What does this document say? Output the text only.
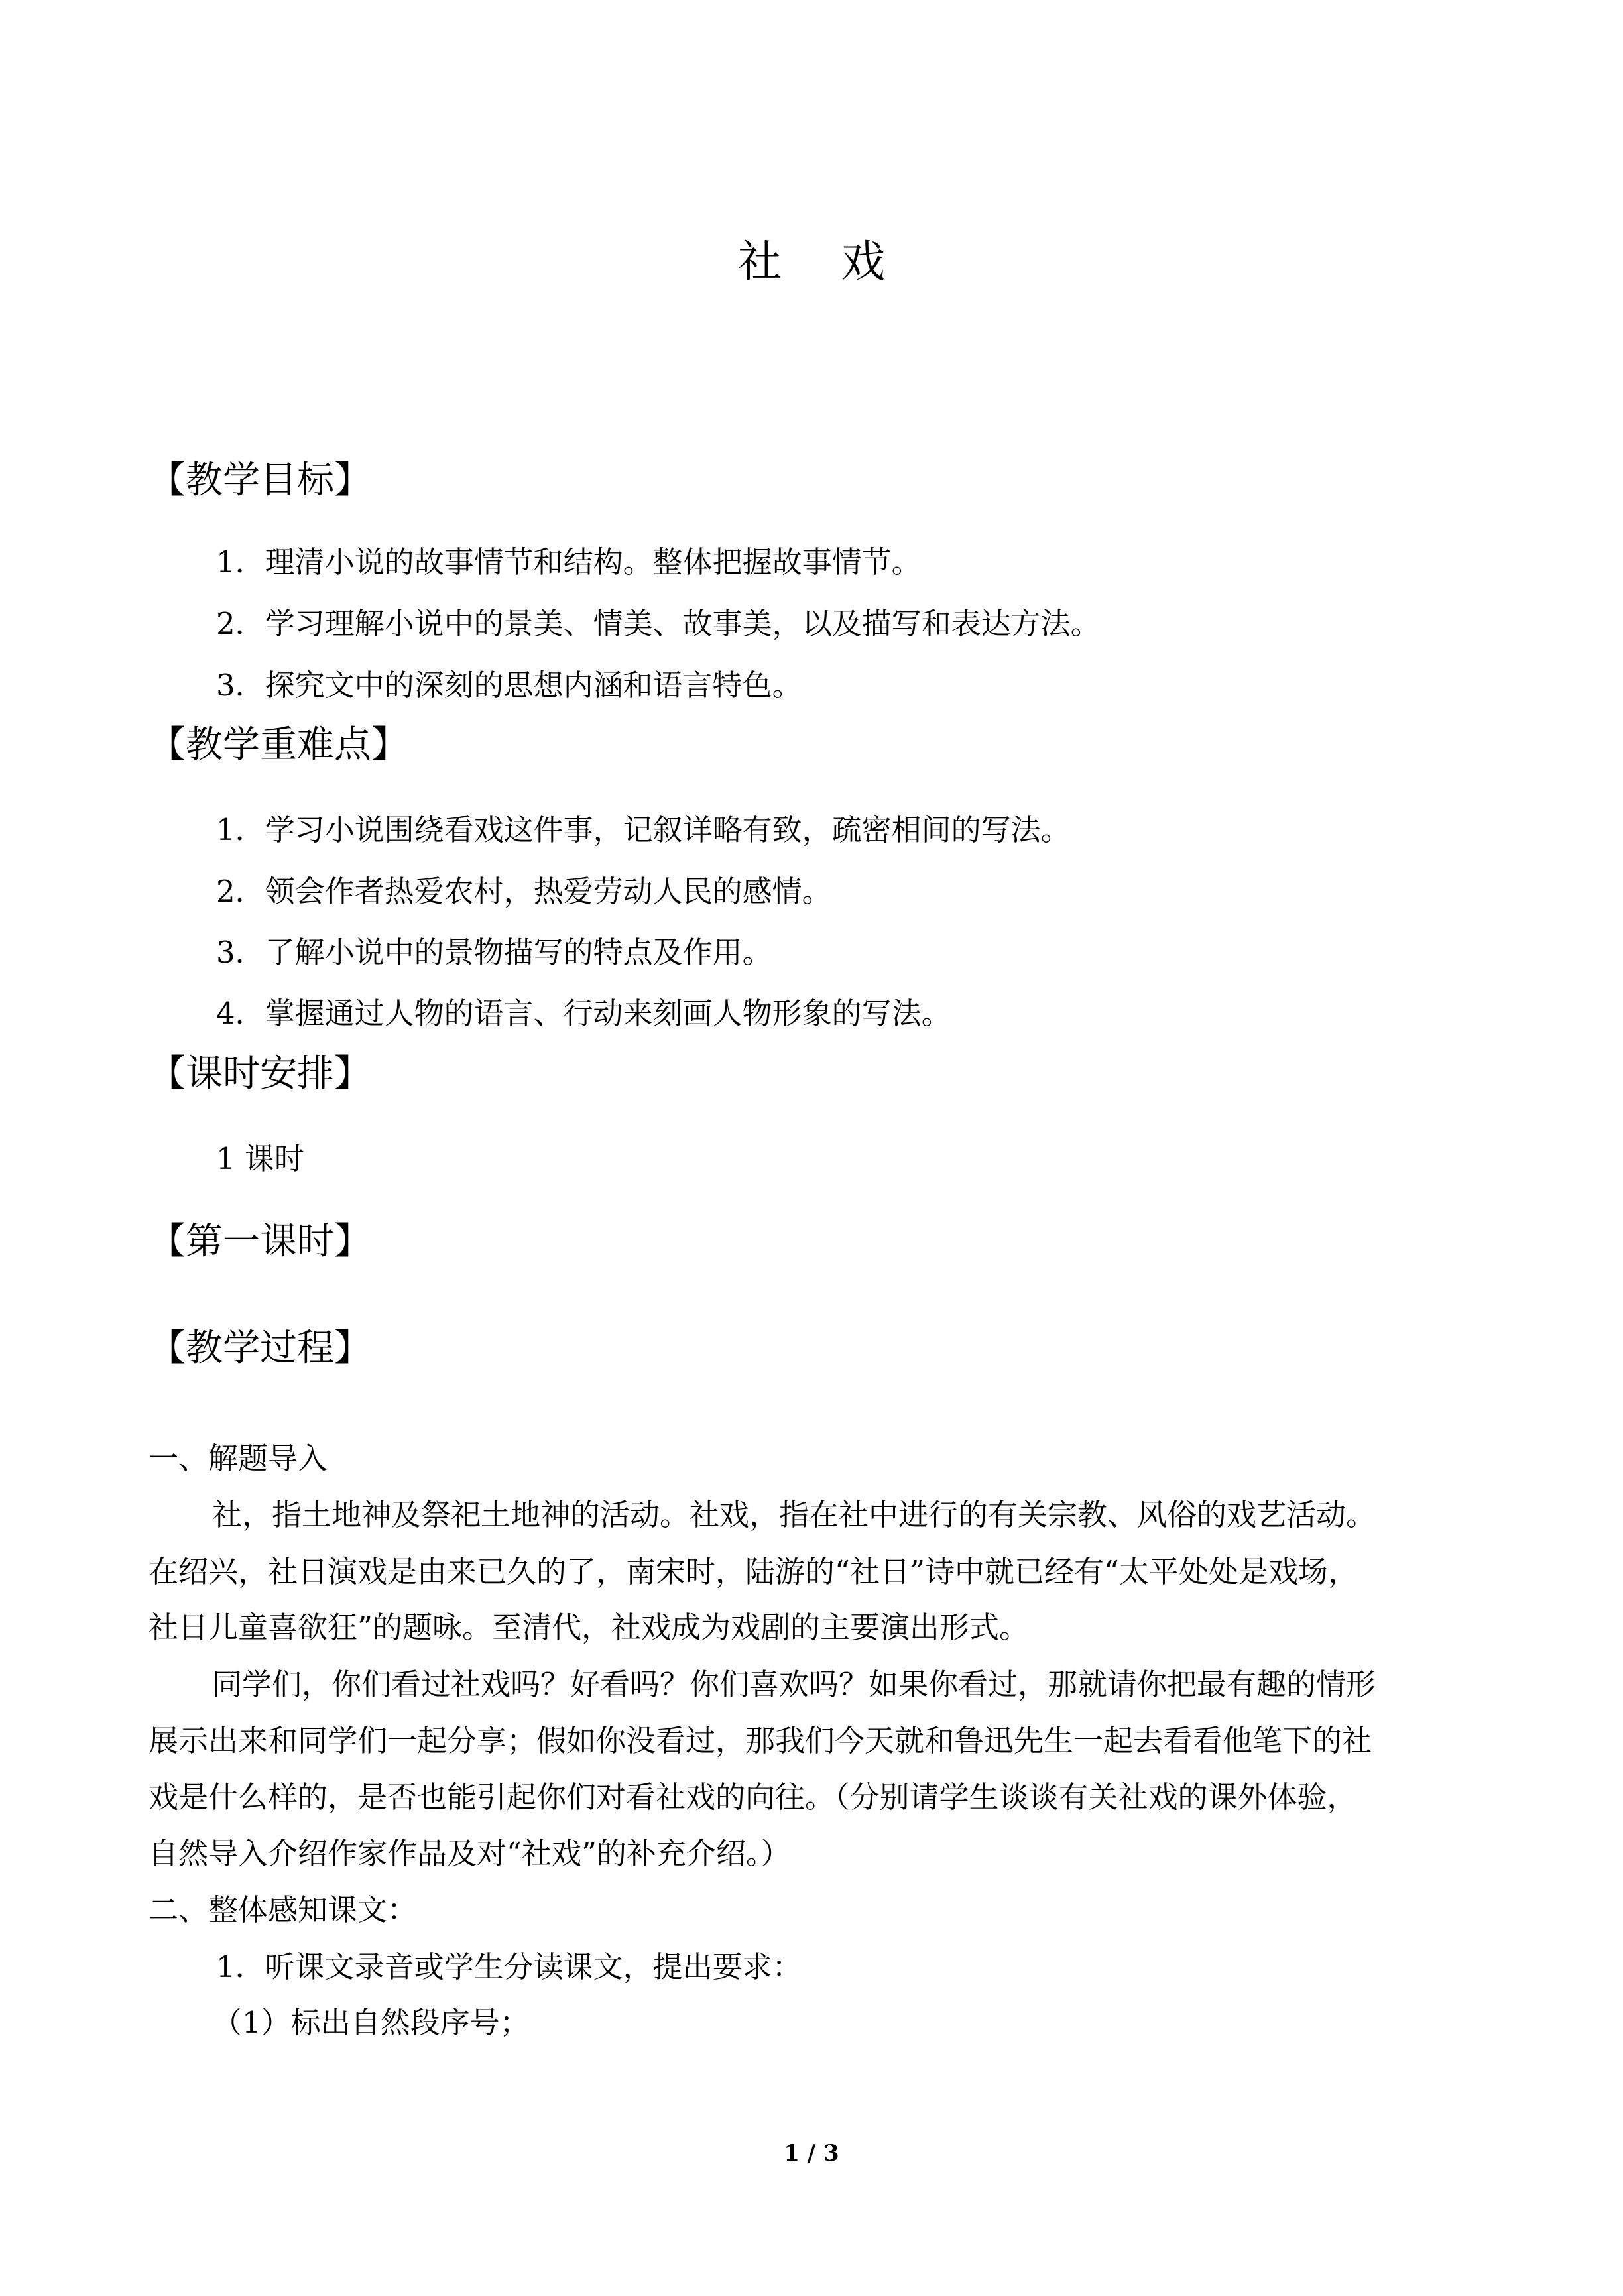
社 戏
【教学目标】
1．理清小说的故事情节和结构。整体把握故事情节。
2．学习理解小说中的景美、情美、故事美，以及描写和表达方法。
3．探究文中的深刻的思想内涵和语言特色。
【教学重难点】
1．学习小说围绕看戏这件事，记叙详略有致，疏密相间的写法。
2．领会作者热爱农村，热爱劳动人民的感情。
3．了解小说中的景物描写的特点及作用。
4．掌握通过人物的语言、行动来刻画人物形象的写法。
【课时安排】
1 课时
【第一课时】
【教学过程】
一、解题导入
社，指土地神及祭祀土地神的活动。社戏，指在社中进行的有关宗教、风俗的戏艺活动。
在绍兴，社日演戏是由来已久的了，南宋时，陆游的“社日”诗中就已经有“太平处处是戏场，
社日儿童喜欲狂”的题咏。至清代，社戏成为戏剧的主要演出形式。
同学们，你们看过社戏吗？好看吗？你们喜欢吗？如果你看过，那就请你把最有趣的情形
展示出来和同学们一起分享；假如你没看过，那我们今天就和鲁迅先生一起去看看他笔下的社
戏是什么样的，是否也能引起你们对看社戏的向往。（分别请学生谈谈有关社戏的课外体验，
自然导入介绍作家作品及对“社戏”的补充介绍。）
二、整体感知课文：
1．听课文录音或学生分读课文，提出要求：
（1）标出自然段序号；
1 / 3
